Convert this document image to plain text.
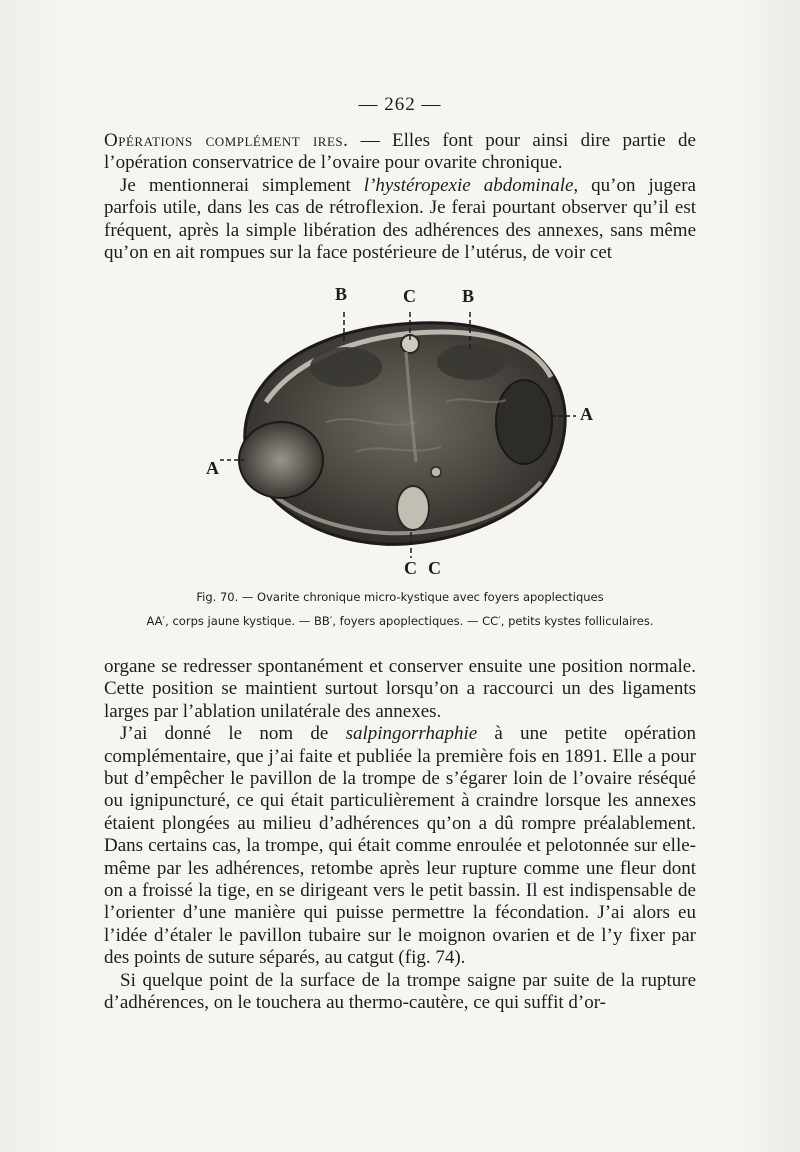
— 262 —

Opérations complément ires. — Elles font pour ainsi dire partie de l’opération conservatrice de l’ovaire pour ovarite chronique.

Je mentionnerai simplement l’hystéropexie abdominale, qu’on jugera parfois utile, dans les cas de rétroflexion. Je ferai pourtant observer qu’il est fréquent, après la simple libération des adhérences des annexes, sans même qu’on en ait rompues sur la face postérieure de l’utérus, de voir cet

B	C	B
A
A
C C
Fig. 70. — Ovarite chronique micro-kystique avec foyers apoplectiques
AA′, corps jaune kystique. — BB′, foyers apoplectiques. — CC′, petits kystes folliculaires.

organe se redresser spontanément et conserver ensuite une position normale. Cette position se maintient surtout lorsqu’on a raccourci un des ligaments larges par l’ablation unilatérale des annexes.

J’ai donné le nom de salpingorrhaphie à une petite opération complémentaire, que j’ai faite et publiée la première fois en 1891. Elle a pour but d’empêcher le pavillon de la trompe de s’égarer loin de l’ovaire réséqué ou ignipuncturé, ce qui était particulièrement à craindre lorsque les annexes étaient plongées au milieu d’adhérences qu’on a dû rompre préalablement. Dans certains cas, la trompe, qui était comme enroulée et pelotonnée sur elle-même par les adhérences, retombe après leur rupture comme une fleur dont on a froissé la tige, en se dirigeant vers le petit bassin. Il est indispensable de l’orienter d’une manière qui puisse permettre la fécondation. J’ai alors eu l’idée d’étaler le pavillon tubaire sur le moignon ovarien et de l’y fixer par des points de suture séparés, au catgut (fig. 74).

Si quelque point de la surface de la trompe saigne par suite de la rupture d’adhérences, on le touchera au thermo-cautère, ce qui suffit d’or-
